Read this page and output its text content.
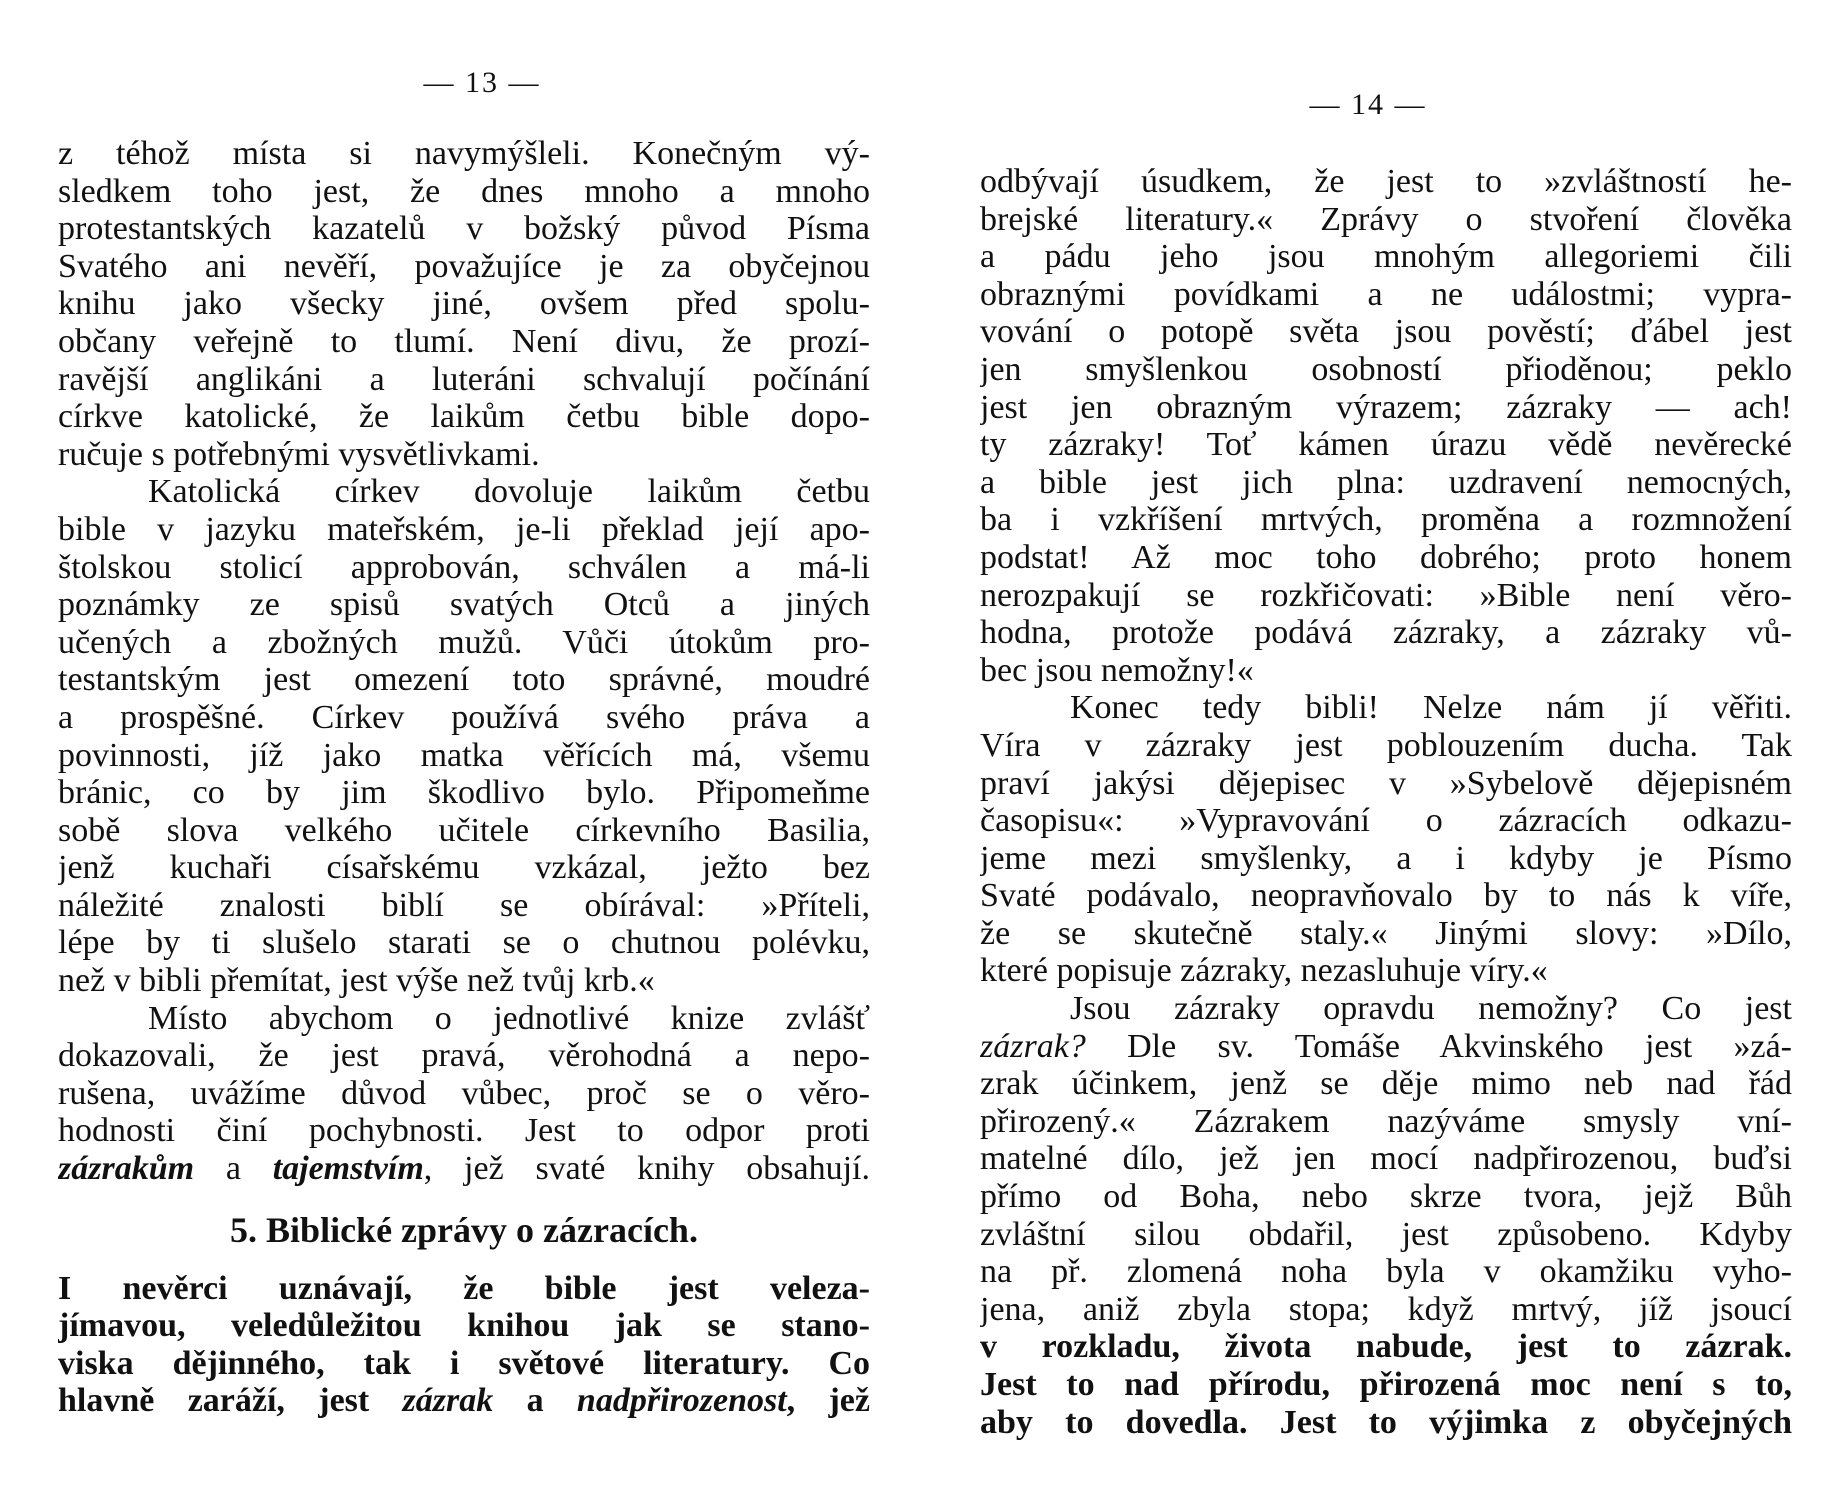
— 13 —
z téhož místa si navymýšleli. Konečným vý-
sledkem toho jest, že dnes mnoho a mnoho
protestantských kazatelů v božský původ Písma
Svatého ani nevěří, považujíce je za obyčejnou
knihu jako všecky jiné, ovšem před spolu-
občany veřejně to tlumí. Není divu, že prozí-
ravější anglikáni a luteráni schvalují počínání
církve katolické, že laikům četbu bible dopo-
ručuje s potřebnými vysvětlivkami.
Katolická církev dovoluje laikům četbu
bible v jazyku mateřském, je-li překlad její apo-
štolskou stolicí approbován, schválen a má-li
poznámky ze spisů svatých Otců a jiných
učených a zbožných mužů. Vůči útokům pro-
testantským jest omezení toto správné, moudré
a prospěšné. Církev používá svého práva a
povinnosti, jíž jako matka věřících má, všemu
bránic, co by jim škodlivo bylo. Připomeňme
sobě slova velkého učitele církevního Basilia,
jenž kuchaři císařskému vzkázal, ježto bez
náležité znalosti biblí se obírával: »Příteli,
lépe by ti slušelo starati se o chutnou polévku,
než v bibli přemítat, jest výše než tvůj krb.«
Místo abychom o jednotlivé knize zvlášť
dokazovali, že jest pravá, věrohodná a nepo-
rušena, uvážíme důvod vůbec, proč se o věro-
hodnosti činí pochybnosti. Jest to odpor proti
zázrakům a tajemstvím, jež svaté knihy obsahují.
5. Biblické zprávy o zázracích.
I nevěrci uznávají, že bible jest veleza-
jímavou, veledůležitou knihou jak se stano-
viska dějinného, tak i světové literatury. Co
hlavně zaráží, jest zázrak a nadpřirozenost, jež
— 14 —
odbývají úsudkem, že jest to »zvláštností he-
brejské literatury.« Zprávy o stvoření člověka
a pádu jeho jsou mnohým allegoriemi čili
obraznými povídkami a ne událostmi; vypra-
vování o potopě světa jsou pověstí; ďábel jest
jen smyšlenkou osobností přioděnou; peklo
jest jen obrazným výrazem; zázraky — ach!
ty zázraky! Toť kámen úrazu vědě nevěrecké
a bible jest jich plna: uzdravení nemocných,
ba i vzkříšení mrtvých, proměna a rozmnožení
podstat! Až moc toho dobrého; proto honem
nerozpakují se rozkřičovati: »Bible není věro-
hodna, protože podává zázraky, a zázraky vů-
bec jsou nemožny!«
Konec tedy bibli! Nelze nám jí věřiti.
Víra v zázraky jest poblouzením ducha. Tak
praví jakýsi dějepisec v »Sybelově dějepisném
časopisu«: »Vypravování o zázracích odkazu-
jeme mezi smyšlenky, a i kdyby je Písmo
Svaté podávalo, neopravňovalo by to nás k víře,
že se skutečně staly.« Jinými slovy: »Dílo,
které popisuje zázraky, nezasluhuje víry.«
Jsou zázraky opravdu nemožny? Co jest
zázrak? Dle sv. Tomáše Akvinského jest »zá-
zrak účinkem, jenž se děje mimo neb nad řád
přirozený.« Zázrakem nazýváme smysly vní-
matelné dílo, jež jen mocí nadpřirozenou, buďsi
přímo od Boha, nebo skrze tvora, jejž Bůh
zvláštní silou obdařil, jest způsobeno. Kdyby
na př. zlomená noha byla v okamžiku vyho-
jena, aniž zbyla stopa; když mrtvý, jíž jsoucí
v rozkladu, života nabude, jest to zázrak.
Jest to nad přírodu, přirozená moc není s to,
aby to dovedla. Jest to výjimka z obyčejných
